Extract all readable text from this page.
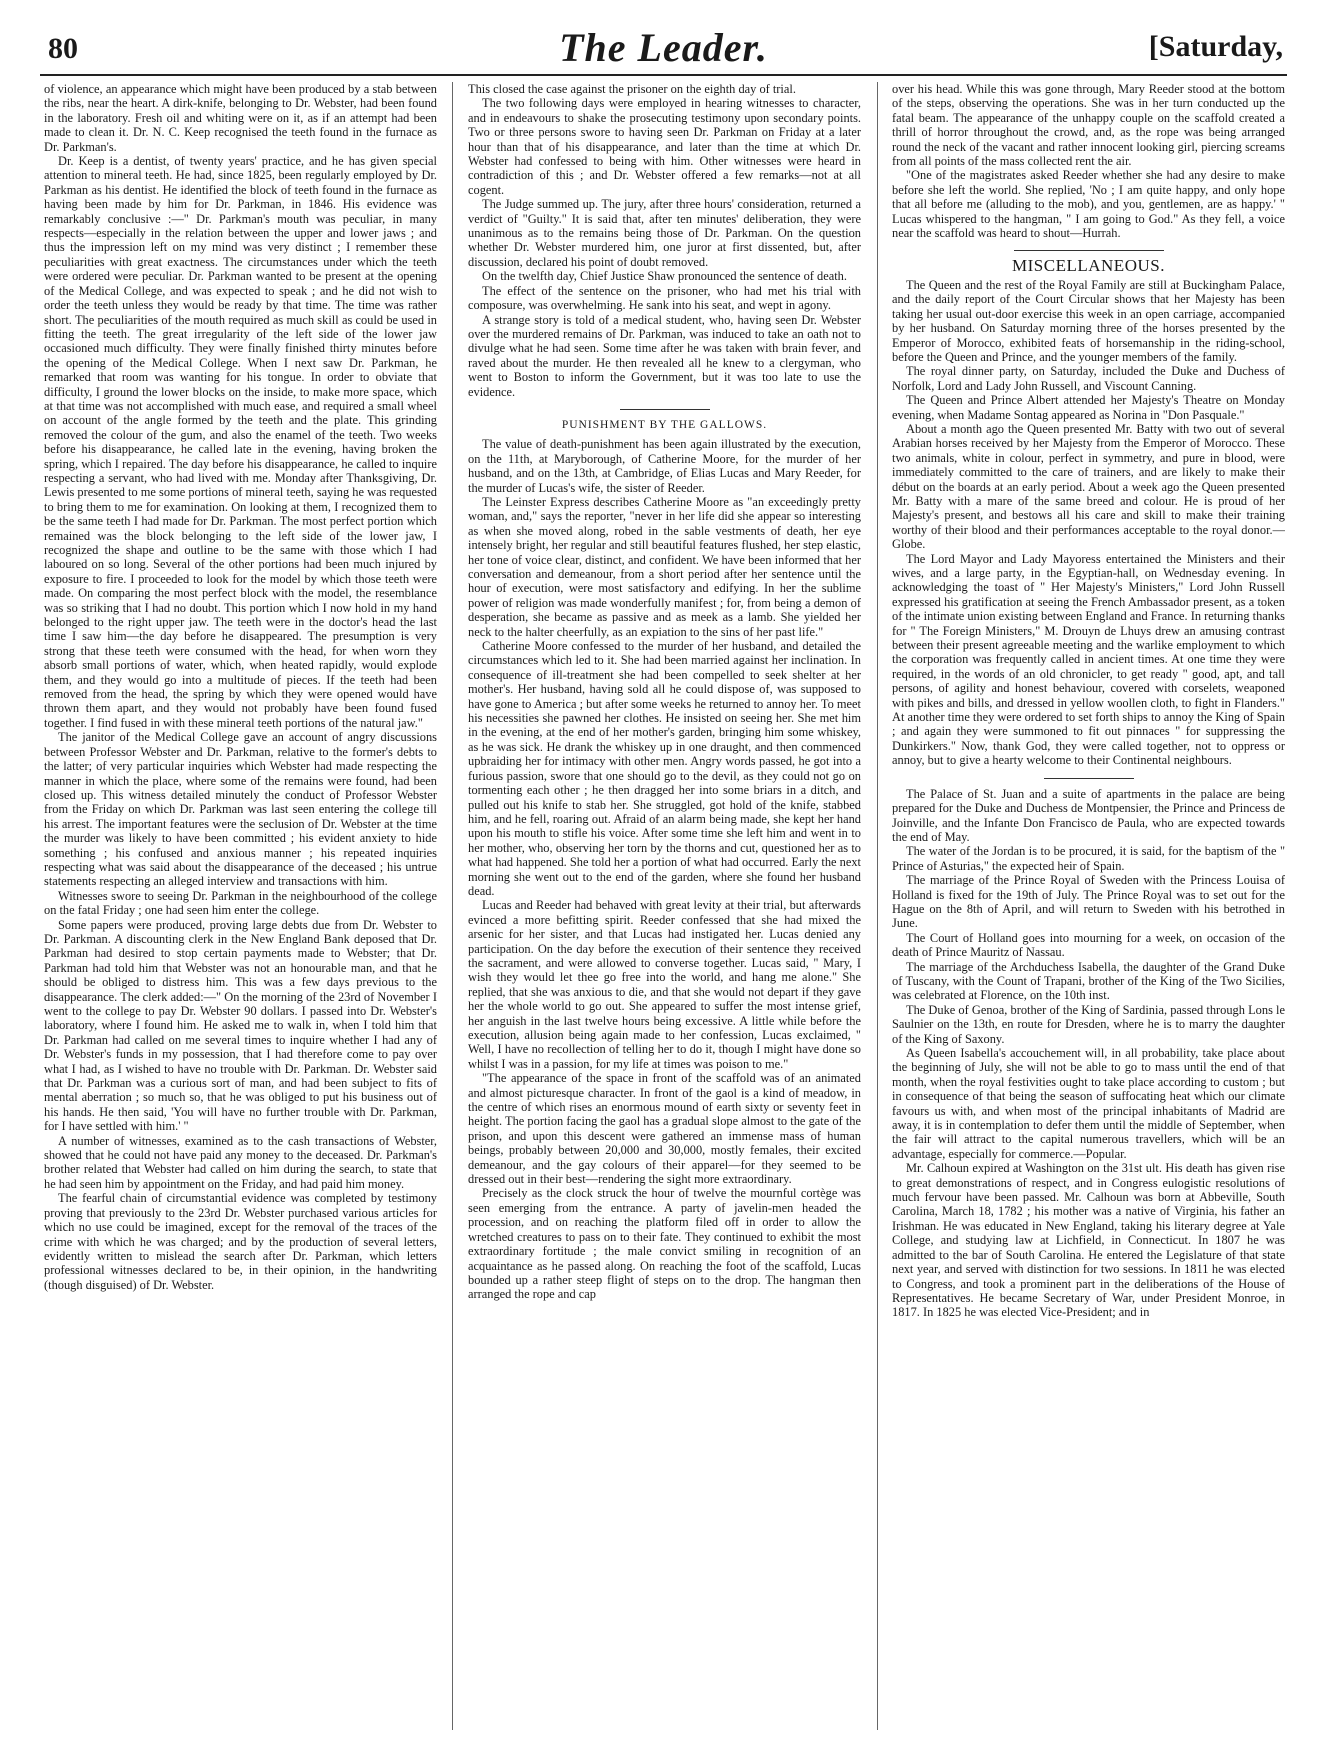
80	The Leader.	[Saturday,

of violence, an appearance which might have been produced by a stab between the ribs, near the heart. A dirk-knife, belonging to Dr. Webster, had been found in the laboratory. Fresh oil and whiting were on it, as if an attempt had been made to clean it. Dr. N. C. Keep recognised the teeth found in the furnace as Dr. Parkman's.

Dr. Keep is a dentist, of twenty years' practice, and he has given special attention to mineral teeth. He had, since 1825, been regularly employed by Dr. Parkman as his dentist. He identified the block of teeth found in the furnace as having been made by him for Dr. Parkman, in 1846. His evidence was remarkably conclusive :—" Dr. Parkman's mouth was peculiar, in many respects—especially in the relation between the upper and lower jaws ; and thus the impression left on my mind was very distinct ; I remember these peculiarities with great exactness. The circumstances under which the teeth were ordered were peculiar. Dr. Parkman wanted to be present at the opening of the Medical College, and was expected to speak ; and he did not wish to order the teeth unless they would be ready by that time. The time was rather short. The peculiarities of the mouth required as much skill as could be used in fitting the teeth. The great irregularity of the left side of the lower jaw occasioned much difficulty. They were finally finished thirty minutes before the opening of the Medical College. When I next saw Dr. Parkman, he remarked that room was wanting for his tongue. In order to obviate that difficulty, I ground the lower blocks on the inside, to make more space, which at that time was not accomplished with much ease, and required a small wheel on account of the angle formed by the teeth and the plate. This grinding removed the colour of the gum, and also the enamel of the teeth. Two weeks before his disappearance, he called late in the evening, having broken the spring, which I repaired. The day before his disappearance, he called to inquire respecting a servant, who had lived with me. Monday after Thanksgiving, Dr. Lewis presented to me some portions of mineral teeth, saying he was requested to bring them to me for examination. On looking at them, I recognized them to be the same teeth I had made for Dr. Parkman. The most perfect portion which remained was the block belonging to the left side of the lower jaw, I recognized the shape and outline to be the same with those which I had laboured on so long. Several of the other portions had been much injured by exposure to fire. I proceeded to look for the model by which those teeth were made. On comparing the most perfect block with the model, the resemblance was so striking that I had no doubt. This portion which I now hold in my hand belonged to the right upper jaw. The teeth were in the doctor's head the last time I saw him—the day before he disappeared. The presumption is very strong that these teeth were consumed with the head, for when worn they absorb small portions of water, which, when heated rapidly, would explode them, and they would go into a multitude of pieces. If the teeth had been removed from the head, the spring by which they were opened would have thrown them apart, and they would not probably have been found fused together. I find fused in with these mineral teeth portions of the natural jaw."

The janitor of the Medical College gave an account of angry discussions between Professor Webster and Dr. Parkman, relative to the former's debts to the latter; of very particular inquiries which Webster had made respecting the manner in which the place, where some of the remains were found, had been closed up. This witness detailed minutely the conduct of Professor Webster from the Friday on which Dr. Parkman was last seen entering the college till his arrest. The important features were the seclusion of Dr. Webster at the time the murder was likely to have been committed ; his evident anxiety to hide something ; his confused and anxious manner ; his repeated inquiries respecting what was said about the disappearance of the deceased ; his untrue statements respecting an alleged interview and transactions with him.

Witnesses swore to seeing Dr. Parkman in the neighbourhood of the college on the fatal Friday ; one had seen him enter the college.

Some papers were produced, proving large debts due from Dr. Webster to Dr. Parkman. A discounting clerk in the New England Bank deposed that Dr. Parkman had desired to stop certain payments made to Webster; that Dr. Parkman had told him that Webster was not an honourable man, and that he should be obliged to distress him. This was a few days previous to the disappearance. The clerk added:—" On the morning of the 23rd of November I went to the college to pay Dr. Webster 90 dollars. I passed into Dr. Webster's laboratory, where I found him. He asked me to walk in, when I told him that Dr. Parkman had called on me several times to inquire whether I had any of Dr. Webster's funds in my possession, that I had therefore come to pay over what I had, as I wished to have no trouble with Dr. Parkman. Dr. Webster said that Dr. Parkman was a curious sort of man, and had been subject to fits of mental aberration ; so much so, that he was obliged to put his business out of his hands. He then said, 'You will have no further trouble with Dr. Parkman, for I have settled with him.' "

A number of witnesses, examined as to the cash transactions of Webster, showed that he could not have paid any money to the deceased. Dr. Parkman's brother related that Webster had called on him during the search, to state that he had seen him by appointment on the Friday, and had paid him money.

The fearful chain of circumstantial evidence was completed by testimony proving that previously to the 23rd Dr. Webster purchased various articles for which no use could be imagined, except for the removal of the traces of the crime with which he was charged; and by the production of several letters, evidently written to mislead the search after Dr. Parkman, which letters professional witnesses declared to be, in their opinion, in the handwriting (though disguised) of Dr. Webster.

This closed the case against the prisoner on the eighth day of trial.

The two following days were employed in hearing witnesses to character, and in endeavours to shake the prosecuting testimony upon secondary points. Two or three persons swore to having seen Dr. Parkman on Friday at a later hour than that of his disappearance, and later than the time at which Dr. Webster had confessed to being with him. Other witnesses were heard in contradiction of this ; and Dr. Webster offered a few remarks—not at all cogent.

The Judge summed up. The jury, after three hours' consideration, returned a verdict of "Guilty." It is said that, after ten minutes' deliberation, they were unanimous as to the remains being those of Dr. Parkman. On the question whether Dr. Webster murdered him, one juror at first dissented, but, after discussion, declared his point of doubt removed.

On the twelfth day, Chief Justice Shaw pronounced the sentence of death.

The effect of the sentence on the prisoner, who had met his trial with composure, was overwhelming. He sank into his seat, and wept in agony.

A strange story is told of a medical student, who, having seen Dr. Webster over the murdered remains of Dr. Parkman, was induced to take an oath not to divulge what he had seen. Some time after he was taken with brain fever, and raved about the murder. He then revealed all he knew to a clergyman, who went to Boston to inform the Government, but it was too late to use the evidence.

PUNISHMENT BY THE GALLOWS.

The value of death-punishment has been again illustrated by the execution, on the 11th, at Maryborough, of Catherine Moore, for the murder of her husband, and on the 13th, at Cambridge, of Elias Lucas and Mary Reeder, for the murder of Lucas's wife, the sister of Reeder.

The Leinster Express describes Catherine Moore as "an exceedingly pretty woman, and," says the reporter, "never in her life did she appear so interesting as when she moved along, robed in the sable vestments of death, her eye intensely bright, her regular and still beautiful features flushed, her step elastic, her tone of voice clear, distinct, and confident. We have been informed that her conversation and demeanour, from a short period after her sentence until the hour of execution, were most satisfactory and edifying. In her the sublime power of religion was made wonderfully manifest ; for, from being a demon of desperation, she became as passive and as meek as a lamb. She yielded her neck to the halter cheerfully, as an expiation to the sins of her past life."

Catherine Moore confessed to the murder of her husband, and detailed the circumstances which led to it. She had been married against her inclination. In consequence of ill-treatment she had been compelled to seek shelter at her mother's. Her husband, having sold all he could dispose of, was supposed to have gone to America ; but after some weeks he returned to annoy her. To meet his necessities she pawned her clothes. He insisted on seeing her. She met him in the evening, at the end of her mother's garden, bringing him some whiskey, as he was sick. He drank the whiskey up in one draught, and then commenced upbraiding her for intimacy with other men. Angry words passed, he got into a furious passion, swore that one should go to the devil, as they could not go on tormenting each other ; he then dragged her into some briars in a ditch, and pulled out his knife to stab her. She struggled, got hold of the knife, stabbed him, and he fell, roaring out. Afraid of an alarm being made, she kept her hand upon his mouth to stifle his voice. After some time she left him and went in to her mother, who, observing her torn by the thorns and cut, questioned her as to what had happened. She told her a portion of what had occurred. Early the next morning she went out to the end of the garden, where she found her husband dead.

Lucas and Reeder had behaved with great levity at their trial, but afterwards evinced a more befitting spirit. Reeder confessed that she had mixed the arsenic for her sister, and that Lucas had instigated her. Lucas denied any participation. On the day before the execution of their sentence they received the sacrament, and were allowed to converse together. Lucas said, " Mary, I wish they would let thee go free into the world, and hang me alone." She replied, that she was anxious to die, and that she would not depart if they gave her the whole world to go out. She appeared to suffer the most intense grief, her anguish in the last twelve hours being excessive. A little while before the execution, allusion being again made to her confession, Lucas exclaimed, " Well, I have no recollection of telling her to do it, though I might have done so whilst I was in a passion, for my life at times was poison to me."

"The appearance of the space in front of the scaffold was of an animated and almost picturesque character. In front of the gaol is a kind of meadow, in the centre of which rises an enormous mound of earth sixty or seventy feet in height. The portion facing the gaol has a gradual slope almost to the gate of the prison, and upon this descent were gathered an immense mass of human beings, probably between 20,000 and 30,000, mostly females, their excited demeanour, and the gay colours of their apparel—for they seemed to be dressed out in their best—rendering the sight more extraordinary.

Precisely as the clock struck the hour of twelve the mournful cortège was seen emerging from the entrance. A party of javelin-men headed the procession, and on reaching the platform filed off in order to allow the wretched creatures to pass on to their fate. They continued to exhibit the most extraordinary fortitude ; the male convict smiling in recognition of an acquaintance as he passed along. On reaching the foot of the scaffold, Lucas bounded up a rather steep flight of steps on to the drop. The hangman then arranged the rope and cap

over his head. While this was gone through, Mary Reeder stood at the bottom of the steps, observing the operations. She was in her turn conducted up the fatal beam. The appearance of the unhappy couple on the scaffold created a thrill of horror throughout the crowd, and, as the rope was being arranged round the neck of the vacant and rather innocent looking girl, piercing screams from all points of the mass collected rent the air.

"One of the magistrates asked Reeder whether she had any desire to make before she left the world. She replied, 'No ; I am quite happy, and only hope that all before me (alluding to the mob), and you, gentlemen, are as happy.' " Lucas whispered to the hangman, " I am going to God." As they fell, a voice near the scaffold was heard to shout—Hurrah.

MISCELLANEOUS.

The Queen and the rest of the Royal Family are still at Buckingham Palace, and the daily report of the Court Circular shows that her Majesty has been taking her usual out-door exercise this week in an open carriage, accompanied by her husband. On Saturday morning three of the horses presented by the Emperor of Morocco, exhibited feats of horsemanship in the riding-school, before the Queen and Prince, and the younger members of the family.

The royal dinner party, on Saturday, included the Duke and Duchess of Norfolk, Lord and Lady John Russell, and Viscount Canning.

The Queen and Prince Albert attended her Majesty's Theatre on Monday evening, when Madame Sontag appeared as Norina in "Don Pasquale."

About a month ago the Queen presented Mr. Batty with two out of several Arabian horses received by her Majesty from the Emperor of Morocco. These two animals, white in colour, perfect in symmetry, and pure in blood, were immediately committed to the care of trainers, and are likely to make their début on the boards at an early period. About a week ago the Queen presented Mr. Batty with a mare of the same breed and colour. He is proud of her Majesty's present, and bestows all his care and skill to make their training worthy of their blood and their performances acceptable to the royal donor.—Globe.

The Lord Mayor and Lady Mayoress entertained the Ministers and their wives, and a large party, in the Egyptian-hall, on Wednesday evening. In acknowledging the toast of " Her Majesty's Ministers," Lord John Russell expressed his gratification at seeing the French Ambassador present, as a token of the intimate union existing between England and France. In returning thanks for " The Foreign Ministers," M. Drouyn de Lhuys drew an amusing contrast between their present agreeable meeting and the warlike employment to which the corporation was frequently called in ancient times. At one time they were required, in the words of an old chronicler, to get ready " good, apt, and tall persons, of agility and honest behaviour, covered with corselets, weaponed with pikes and bills, and dressed in yellow woollen cloth, to fight in Flanders." At another time they were ordered to set forth ships to annoy the King of Spain ; and again they were summoned to fit out pinnaces " for suppressing the Dunkirkers." Now, thank God, they were called together, not to oppress or annoy, but to give a hearty welcome to their Continental neighbours.

The Palace of St. Juan and a suite of apartments in the palace are being prepared for the Duke and Duchess de Montpensier, the Prince and Princess de Joinville, and the Infante Don Francisco de Paula, who are expected towards the end of May.

The water of the Jordan is to be procured, it is said, for the baptism of the " Prince of Asturias," the expected heir of Spain.

The marriage of the Prince Royal of Sweden with the Princess Louisa of Holland is fixed for the 19th of July. The Prince Royal was to set out for the Hague on the 8th of April, and will return to Sweden with his betrothed in June.

The Court of Holland goes into mourning for a week, on occasion of the death of Prince Mauritz of Nassau.

The marriage of the Archduchess Isabella, the daughter of the Grand Duke of Tuscany, with the Count of Trapani, brother of the King of the Two Sicilies, was celebrated at Florence, on the 10th inst.

The Duke of Genoa, brother of the King of Sardinia, passed through Lons le Saulnier on the 13th, en route for Dresden, where he is to marry the daughter of the King of Saxony.

As Queen Isabella's accouchement will, in all probability, take place about the beginning of July, she will not be able to go to mass until the end of that month, when the royal festivities ought to take place according to custom ; but in consequence of that being the season of suffocating heat which our climate favours us with, and when most of the principal inhabitants of Madrid are away, it is in contemplation to defer them until the middle of September, when the fair will attract to the capital numerous travellers, which will be an advantage, especially for commerce.—Popular.

Mr. Calhoun expired at Washington on the 31st ult. His death has given rise to great demonstrations of respect, and in Congress eulogistic resolutions of much fervour have been passed. Mr. Calhoun was born at Abbeville, South Carolina, March 18, 1782 ; his mother was a native of Virginia, his father an Irishman. He was educated in New England, taking his literary degree at Yale College, and studying law at Lichfield, in Connecticut. In 1807 he was admitted to the bar of South Carolina. He entered the Legislature of that state next year, and served with distinction for two sessions. In 1811 he was elected to Congress, and took a prominent part in the deliberations of the House of Representatives. He became Secretary of War, under President Monroe, in 1817. In 1825 he was elected Vice-President; and in
